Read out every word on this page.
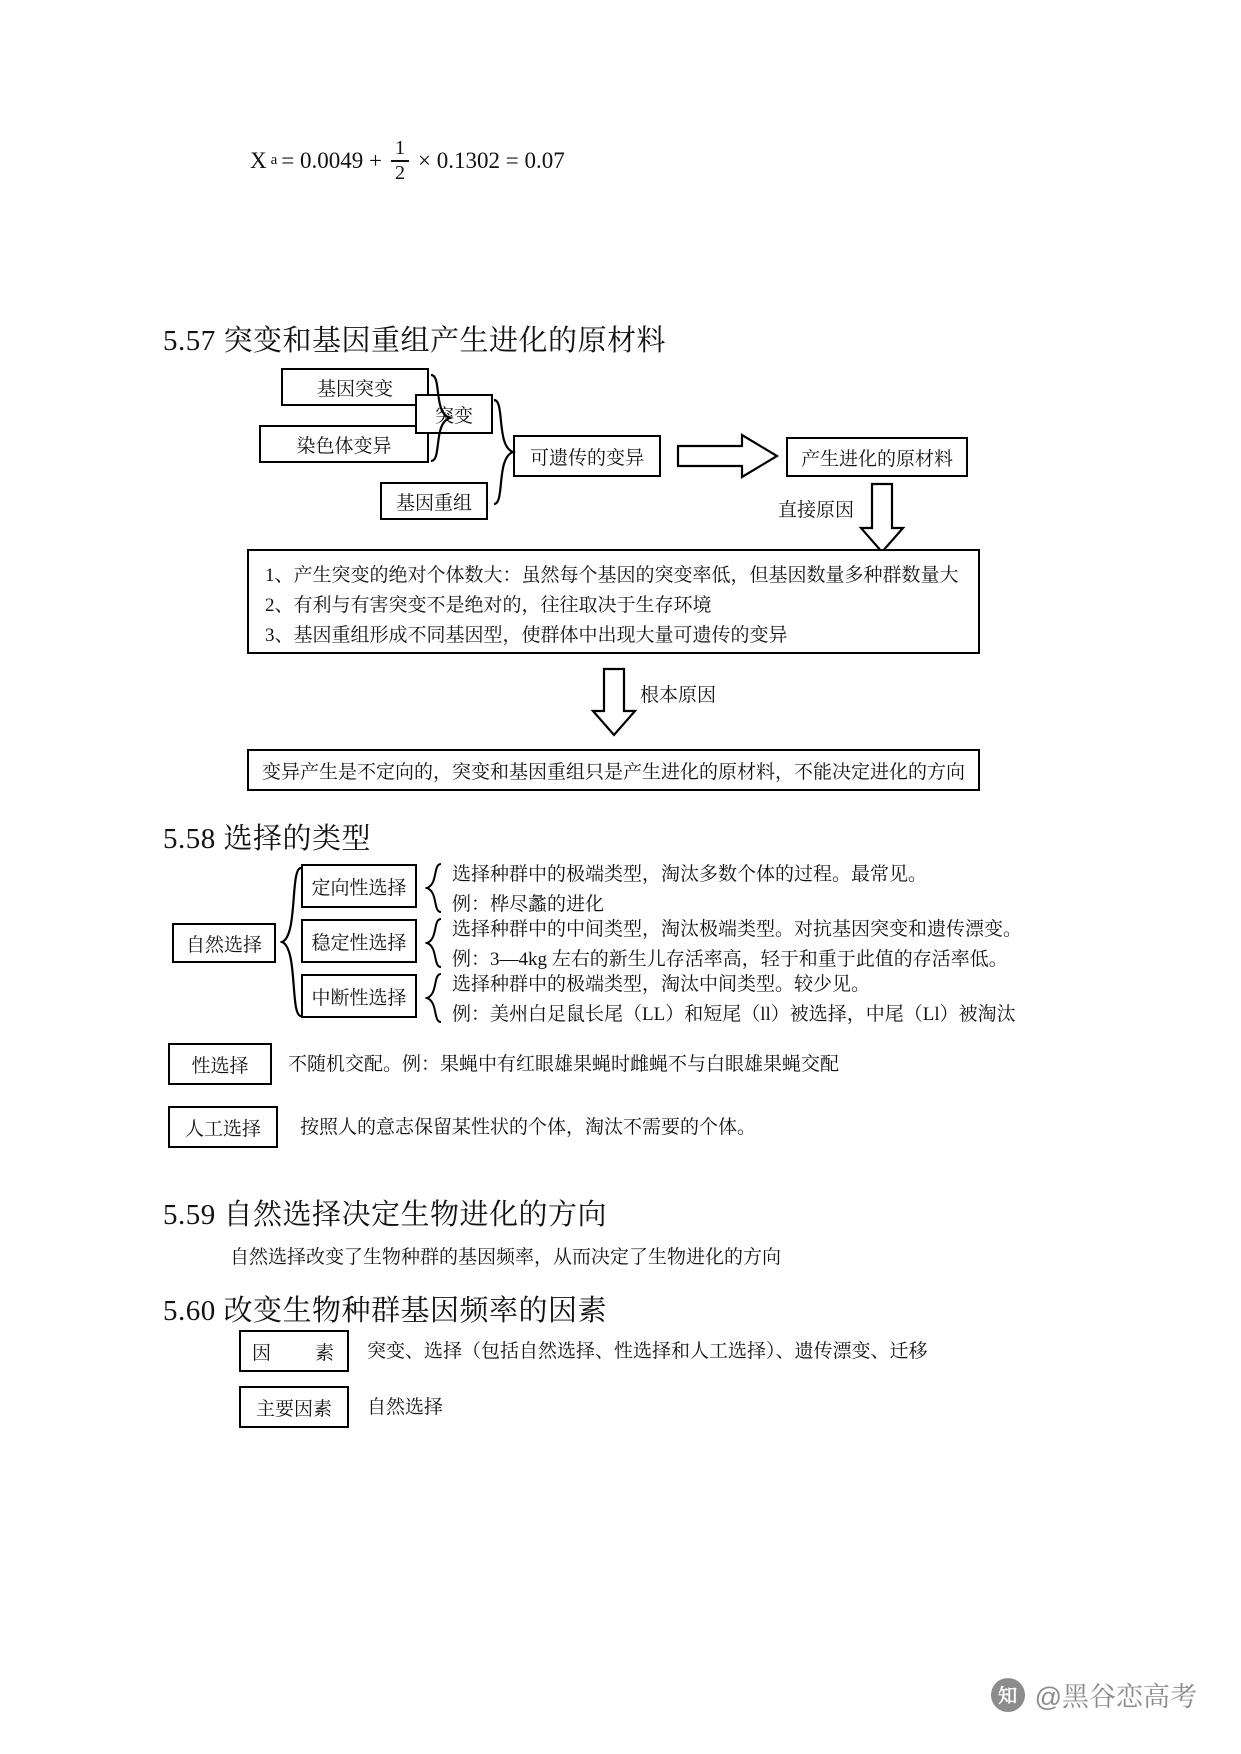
X $a = 0.0049 + \frac{1}{2} \times 0.1302 = 0.07$
5.57 突变和基因重组产生进化的原材料
基因突变
染色体变异
突变
基因重组
可遗传的变异	产生进化的原材料
直接原因
1、产生突变的绝对个体数大：虽然每个基因的突变率低，但基因数量多种群数量大
2、有利与有害突变不是绝对的，往往取决于生存环境
3、基因重组形成不同基因型，使群体中出现大量可遗传的变异
根本原因
变异产生是不定向的，突变和基因重组只是产生进化的原材料，不能决定进化的方向
5.58 选择的类型
自然选择
定向性选择
选择种群中的极端类型，淘汰多数个体的过程。最常见。
例：桦尽蠡的进化
稳定性选择
选择种群中的中间类型，淘汰极端类型。对抗基因突变和遗传漂变。
例：3—4kg 左右的新生儿存活率高，轻于和重于此值的存活率低。
中断性选择
选择种群中的极端类型，淘汰中间类型。较少见。
例：美州白足鼠长尾（LL）和短尾（ll）被选择，中尾（Ll）被淘汰
性选择	不随机交配。例：果蝇中有红眼雄果蝇时雌蝇不与白眼雄果蝇交配
人工选择	按照人的意志保留某性状的个体，淘汰不需要的个体。
5.59 自然选择决定生物进化的方向
自然选择改变了生物种群的基因频率，从而决定了生物进化的方向
5.60 改变生物种群基因频率的因素
因　　素	突变、选择（包括自然选择、性选择和人工选择）、遗传漂变、迁移
主要因素	自然选择
知 @黑谷恋高考
